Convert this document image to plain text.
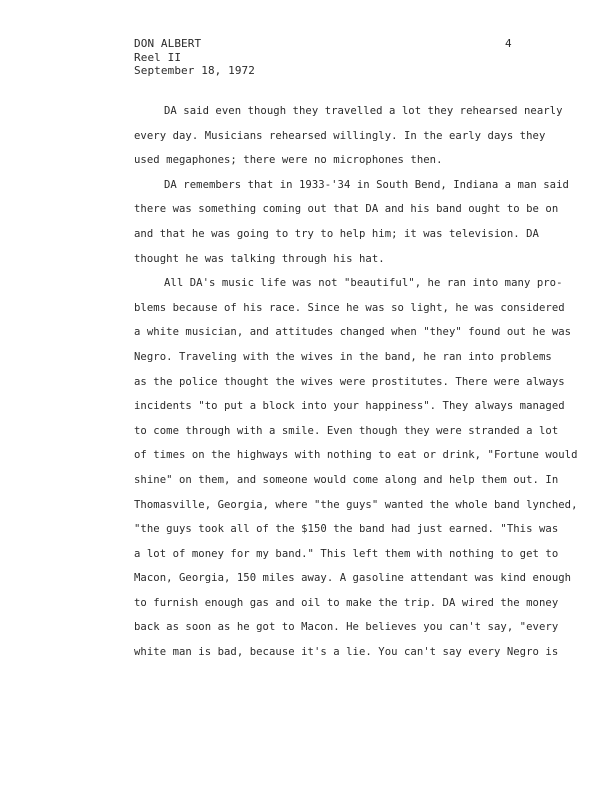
DON ALBERT
Reel II
September 18, 1972
4
DA said even though they travelled a lot they rehearsed nearly
every day. Musicians rehearsed willingly. In the early days they
used megaphones; there were no microphones then.
DA remembers that in 1933-'34 in South Bend, Indiana a man said
there was something coming out that DA and his band ought to be on
and that he was going to try to help him; it was television. DA
thought he was talking through his hat.
All DA's music life was not "beautiful", he ran into many pro-
blems because of his race. Since he was so light, he was considered
a white musician, and attitudes changed when "they" found out he was
Negro. Traveling with the wives in the band, he ran into problems
as the police thought the wives were prostitutes. There were always
incidents "to put a block into your happiness". They always managed
to come through with a smile. Even though they were stranded a lot
of times on the highways with nothing to eat or drink, "Fortune would
shine" on them, and someone would come along and help them out. In
Thomasville, Georgia, where "the guys" wanted the whole band lynched,
"the guys took all of the $150 the band had just earned. "This was
a lot of money for my band." This left them with nothing to get to
Macon, Georgia, 150 miles away. A gasoline attendant was kind enough
to furnish enough gas and oil to make the trip. DA wired the money
back as soon as he got to Macon. He believes you can't say, "every
white man is bad, because it's a lie. You can't say every Negro is
